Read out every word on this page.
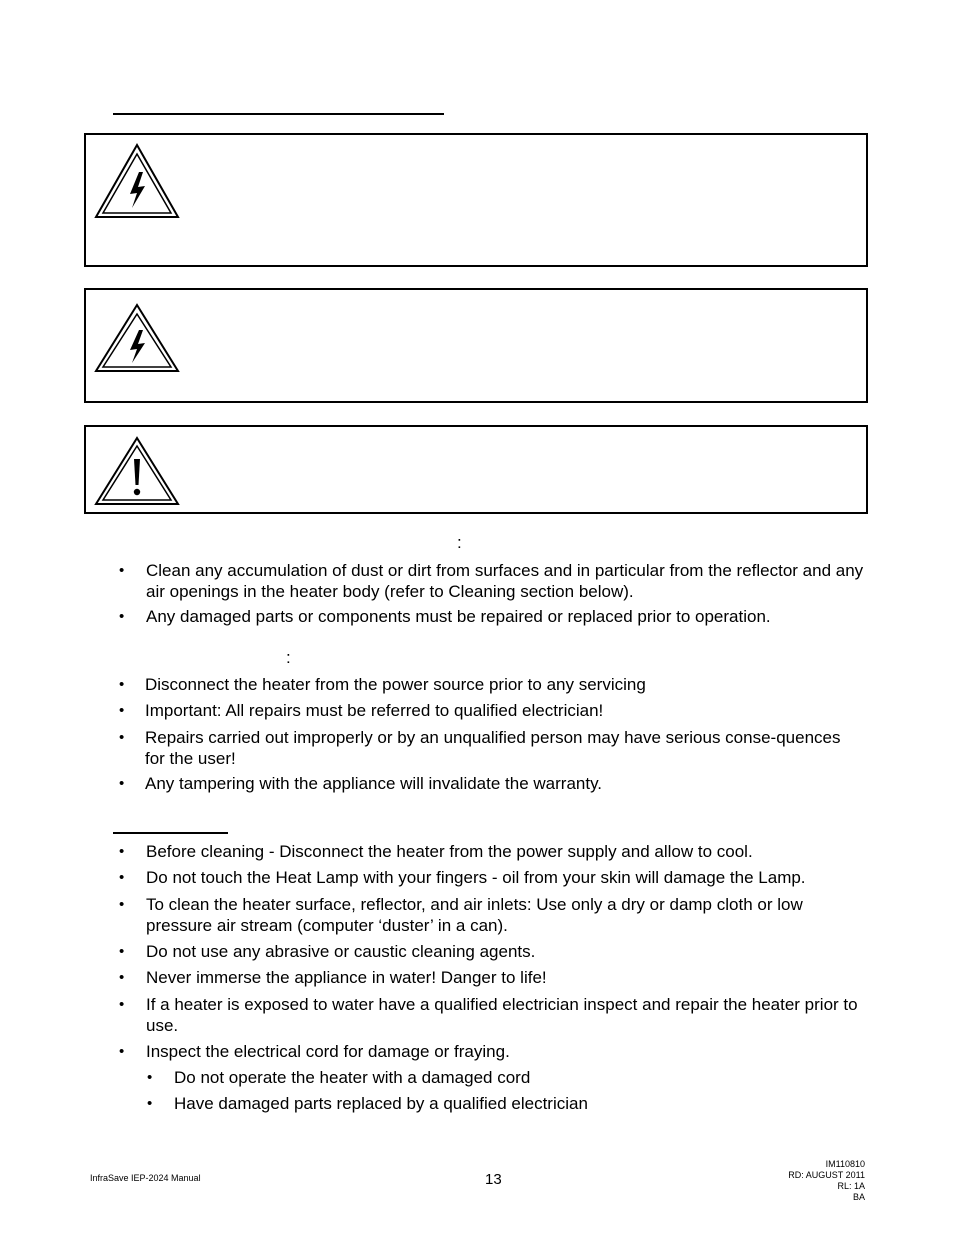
:
• Clean any accumulation of dust or dirt from surfaces and in particular from the reflector and any air openings in the heater body (refer to Cleaning section below).
• Any damaged parts or components must be repaired or replaced prior to operation.
:
• Disconnect the heater from the power source prior to any servicing
• Important: All repairs must be referred to qualified electrician!
• Repairs carried out improperly or by an unqualified person may have serious conse-quences for the user!
• Any tampering with the appliance will invalidate the warranty.
• Before cleaning - Disconnect the heater from the power supply and allow to cool.
• Do not touch the Heat Lamp with your fingers - oil from your skin will damage the Lamp.
• To clean the heater surface, reflector, and air inlets: Use only a dry or damp cloth or low pressure air stream (computer ‘duster’ in a can).
• Do not use any abrasive or caustic cleaning agents.
• Never immerse the appliance in water! Danger to life!
• If a heater is exposed to water have a qualified electrician inspect and repair the heater prior to use.
• Inspect the electrical cord for damage or fraying.
• Do not operate the heater with a damaged cord
• Have damaged parts replaced by a qualified electrician
InfraSave IEP-2024 Manual	13
IM110810
RD: AUGUST 2011
RL: 1A
BA
